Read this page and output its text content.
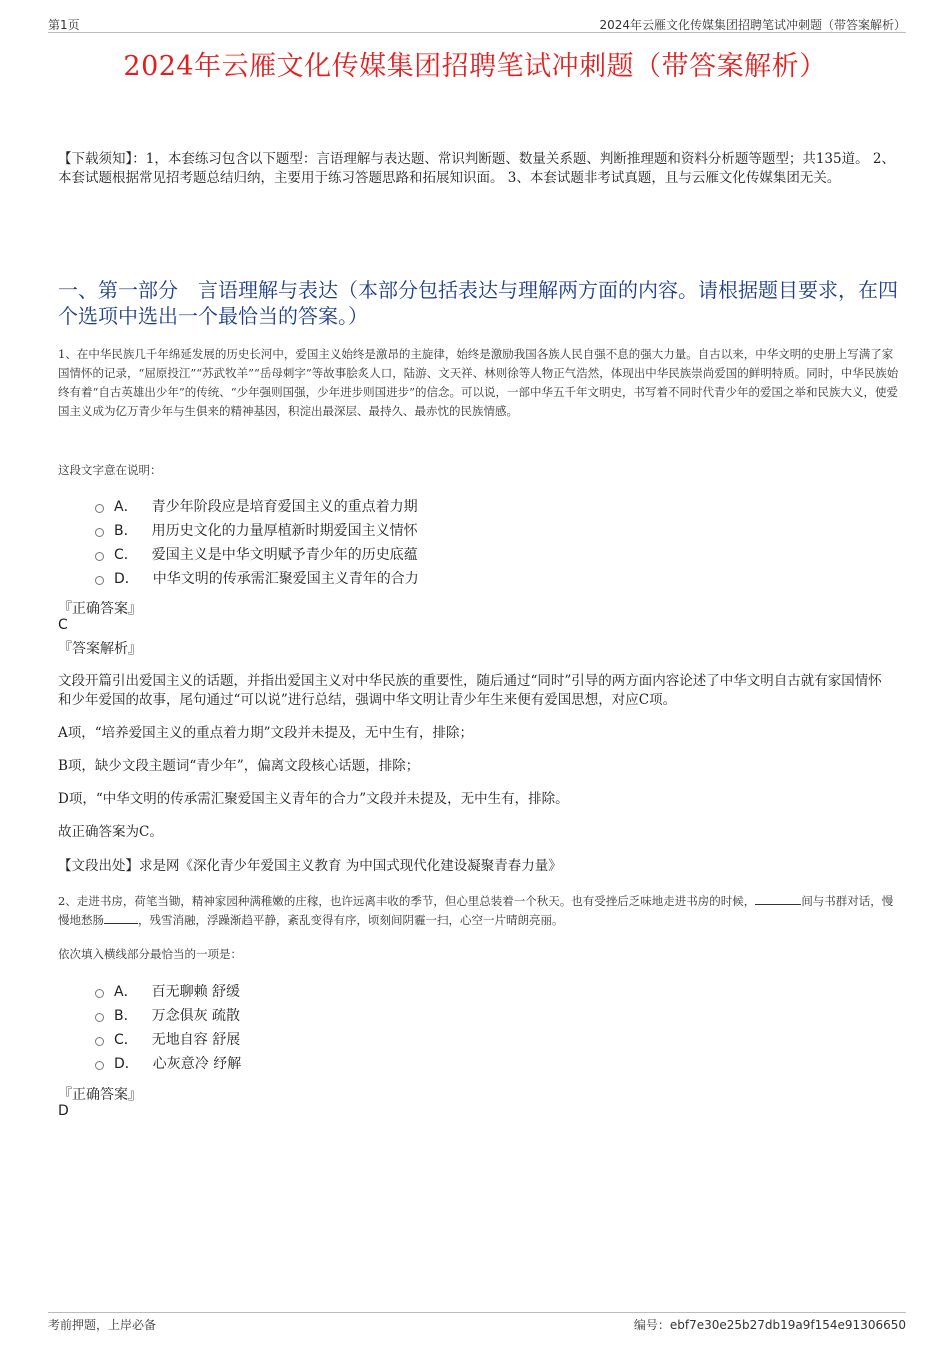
第1页	2024年云雁文化传媒集团招聘笔试冲刺题（带答案解析）
2024年云雁文化传媒集团招聘笔试冲刺题（带答案解析）
【下载须知】：1，本套练习包含以下题型：言语理解与表达题、常识判断题、数量关系题、判断推理题和资料分析题等题型；共135道。 2、本套试题根据常见招考题总结归纳，主要用于练习答题思路和拓展知识面。 3、本套试题非考试真题，且与云雁文化传媒集团无关。
一、第一部分　言语理解与表达（本部分包括表达与理解两方面的内容。请根据题目要求，在四个选项中选出一个最恰当的答案。）
1、在中华民族几千年绵延发展的历史长河中，爱国主义始终是激昂的主旋律，始终是激励我国各族人民自强不息的强大力量。自古以来，中华文明的史册上写满了家国情怀的记录，“屈原投江”“苏武牧羊”“岳母刺字”等故事脍炙人口，陆游、文天祥、林则徐等人物正气浩然，体现出中华民族崇尚爱国的鲜明特质。同时，中华民族始终有着“自古英雄出少年”的传统、“少年强则国强，少年进步则国进步”的信念。可以说，一部中华五千年文明史，书写着不同时代青少年的爱国之举和民族大义，使爱国主义成为亿万青少年与生俱来的精神基因，积淀出最深层、最持久、最赤忱的民族情感。
这段文字意在说明：
A． 青少年阶段应是培育爱国主义的重点着力期
B． 用历史文化的力量厚植新时期爱国主义情怀
C． 爱国主义是中华文明赋予青少年的历史底蕴
D． 中华文明的传承需汇聚爱国主义青年的合力
『正确答案』
C
『答案解析』
文段开篇引出爱国主义的话题，并指出爱国主义对中华民族的重要性，随后通过“同时”引导的两方面内容论述了中华文明自古就有家国情怀和少年爱国的故事，尾句通过“可以说”进行总结，强调中华文明让青少年生来便有爱国思想，对应C项。
A项，“培养爱国主义的重点着力期”文段并未提及，无中生有，排除；
B项，缺少文段主题词“青少年”，偏离文段核心话题，排除；
D项，“中华文明的传承需汇聚爱国主义青年的合力”文段并未提及，无中生有，排除。
故正确答案为C。
【文段出处】求是网《深化青少年爱国主义教育 为中国式现代化建设凝聚青春力量》
2、走进书房，荷笔当锄，精神家园种满稚嫩的庄稼，也许远离丰收的季节，但心里总装着一个秋天。也有受挫后乏味地走进书房的时候，	间与书群对话，慢慢地愁肠	，残雪消融，浮躁渐趋平静，紊乱变得有序，顷刻间阴霾一扫，心空一片晴朗亮丽。
依次填入横线部分最恰当的一项是：
A． 百无聊赖 舒缓
B． 万念俱灰 疏散
C． 无地自容 舒展
D． 心灰意冷 纾解
『正确答案』
D
考前押题，上岸必备	编号：ebf7e30e25b27db19a9f154e91306650
